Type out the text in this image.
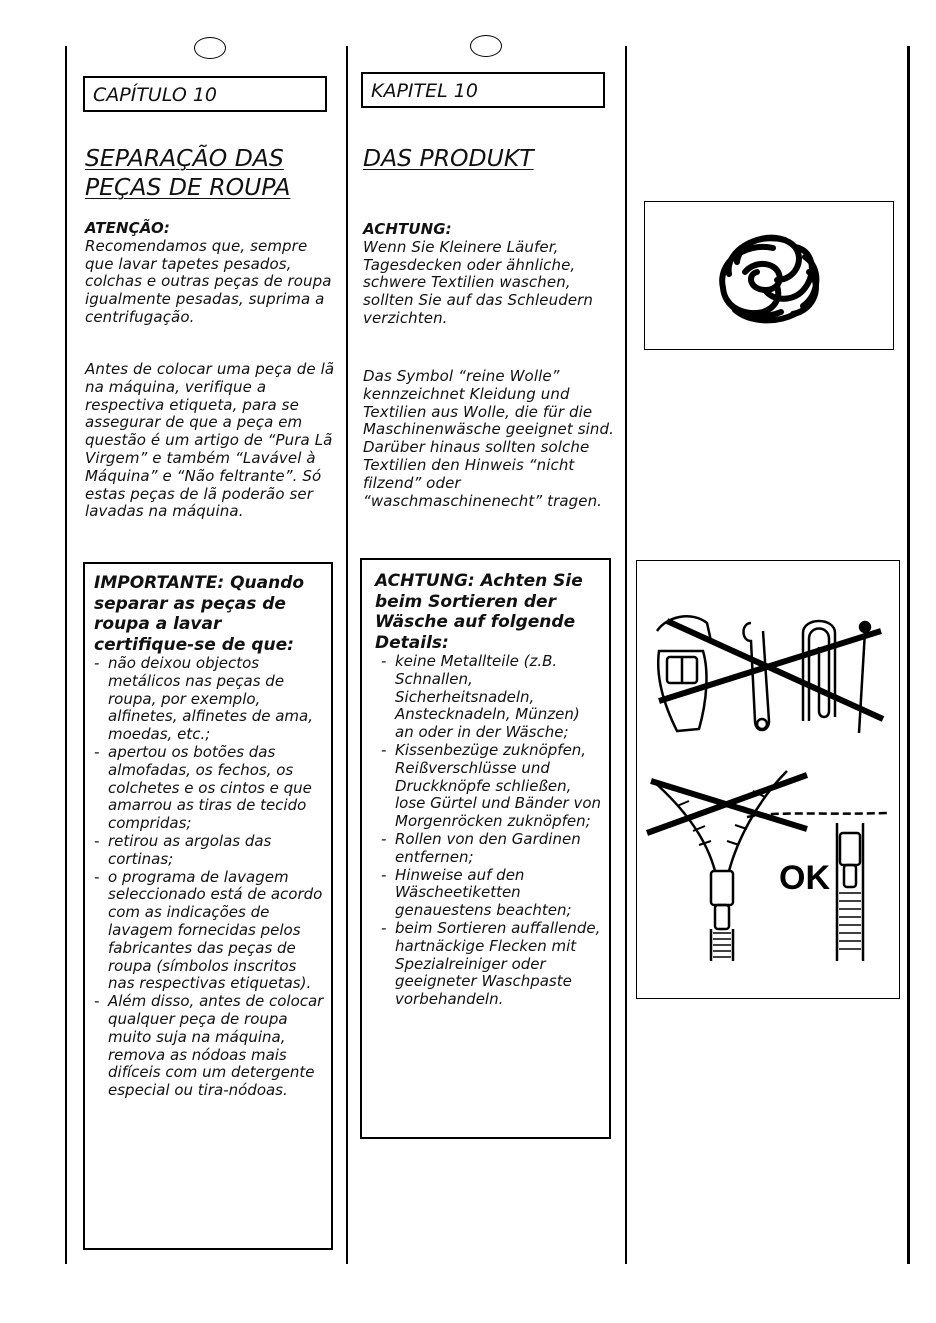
CAPÍTULO 10
SEPARAÇÃO DAS
PEÇAS DE ROUPA

ATENÇÃO:
Recomendamos que, sempre que lavar tapetes pesados, colchas e outras peças de roupa igualmente pesadas, suprima a centrifugação.

Antes de colocar uma peça de lã na máquina, verifique a respectiva etiqueta, para se assegurar de que a peça em questão é um artigo de “Pura Lã Virgem” e também “Lavável à Máquina” e “Não feltrante”. Só estas peças de lã poderão ser lavadas na máquina.

IMPORTANTE: Quando separar as peças de roupa a lavar certifique-se de que:

- não deixou objectos metálicos nas peças de roupa, por exemplo, alfinetes, alfinetes de ama, moedas, etc.;
- apertou os botões das almofadas, os fechos, os colchetes e os cintos e que amarrou as tiras de tecido compridas;
- retirou as argolas das cortinas;
- o programa de lavagem seleccionado está de acordo com as indicações de lavagem fornecidas pelos fabricantes das peças de roupa (símbolos inscritos nas respectivas etiquetas).
- Além disso, antes de colocar qualquer peça de roupa muito suja na máquina, remova as nódoas mais difíceis com um detergente especial ou tira-nódoas.
KAPITEL 10
DAS PRODUKT

ACHTUNG:
Wenn Sie Kleinere Läufer, Tagesdecken oder ähnliche, schwere Textilien waschen, sollten Sie auf das Schleudern verzichten.

Das Symbol “reine Wolle” kennzeichnet Kleidung und Textilien aus Wolle, die für die Maschinenwäsche geeignet sind. Darüber hinaus sollten solche Textilien den Hinweis “nicht filzend” oder “waschmaschinenecht” tragen.

ACHTUNG: Achten Sie beim Sortieren der Wäsche auf folgende Details:

- keine Metallteile (z.B. Schnallen, Sicherheitsnadeln, Anstecknadeln, Münzen) an oder in der Wäsche;
- Kissenbezüge zuknöpfen, Reißverschlüsse und Druckknöpfe schließen, lose Gürtel und Bänder von Morgenröcken zuknöpfen;
- Rollen von den Gardinen entfernen;
- Hinweise auf den Wäscheetiketten genauestens beachten;
- beim Sortieren auffallende, hartnäckige Flecken mit Spezialreiniger oder geeigneter Waschpaste vorbehandeln.
OK
